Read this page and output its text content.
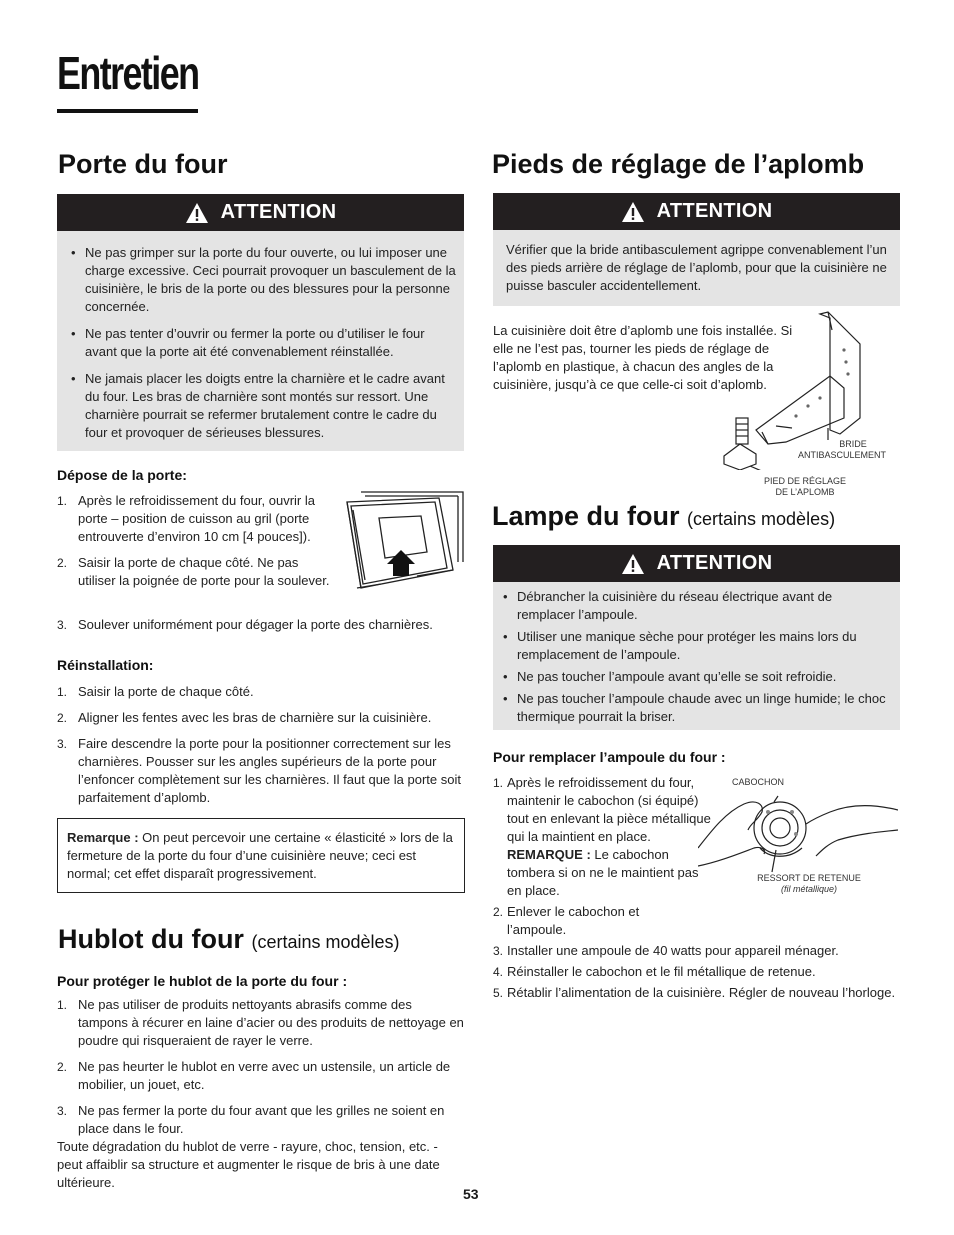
Entretien
Porte du four
ATTENTION
• Ne pas grimper sur la porte du four ouverte, ou lui imposer une charge excessive. Ceci pourrait provoquer un basculement de la cuisinière, le bris de la porte ou des blessures pour la personne concernée.
• Ne pas tenter d’ouvrir ou fermer la porte ou d’utiliser le four avant que la porte ait été convenablement réinstallée.
• Ne jamais placer les doigts entre la charnière et le cadre avant du four. Les bras de charnière sont montés sur ressort. Une charnière pourrait se refermer brutalement contre le cadre du four et provoquer de sérieuses blessures.

Dépose de la porte:

1. Après le refroidissement du four, ouvrir la porte – position de cuisson au gril (porte entrouverte d’environ 10 cm [4 pouces]).
2. Saisir la porte de chaque côté. Ne pas utiliser la poignée de porte pour la soulever.
3. Soulever uniformément pour dégager la porte des charnières.

Réinstallation:

1. Saisir la porte de chaque côté.
2. Aligner les fentes avec les bras de charnière sur la cuisinière.
3. Faire descendre la porte pour la positionner correctement sur les charnières. Pousser sur les angles supérieurs de la porte pour l’enfoncer complètement sur les charnières. Il faut que la porte soit parfaitement d’aplomb.
Remarque : On peut percevoir une certaine « élasticité » lors de la fermeture de la porte du four d’une cuisinière neuve; ceci est normal; cet effet disparaît progressivement.
Hublot du four (certains modèles)

Pour protéger le hublot de la porte du four :

1. Ne pas utiliser de produits nettoyants abrasifs comme des tampons à récurer en laine d’acier ou des produits de nettoyage en poudre qui risqueraient de rayer le verre.
2. Ne pas heurter le hublot en verre avec un ustensile, un article de mobilier, un jouet, etc.
3. Ne pas fermer la porte du four avant que les grilles ne soient en place dans le four.
Toute dégradation du hublot de verre - rayure, choc, tension, etc. - peut affaiblir sa structure et augmenter le risque de bris à une date ultérieure.
Pieds de réglage de l’aplomb
ATTENTION
Vérifier que la bride antibasculement agrippe convenablement l’un des pieds arrière de réglage de l’aplomb, pour que la cuisinière ne puisse basculer accidentellement.
La cuisinière doit être d’aplomb une fois installée. Si elle ne l’est pas, tourner les pieds de réglage de l’aplomb en plastique, à chacun des angles de la cuisinière, jusqu’à ce que celle-ci soit d’aplomb.
BRIDE
ANTIBASCULEMENT
PIED DE RÉGLAGE
DE L’APLOMB
Lampe du four (certains modèles)
ATTENTION
• Débrancher la cuisinière du réseau électrique avant de remplacer l’ampoule.
• Utiliser une manique sèche pour protéger les mains lors du remplacement de l’ampoule.
• Ne pas toucher l’ampoule avant qu’elle se soit refroidie.
• Ne pas toucher l’ampoule chaude avec un linge humide; le choc thermique pourrait la briser.

Pour remplacer l’ampoule du four :

1. Après le refroidissement du four, maintenir le cabochon (si équipé) tout en enlevant la pièce métallique qui la maintient en place. REMARQUE : Le cabochon tombera si on ne le maintient pas en place.
2. Enlever le cabochon et l’ampoule.
3. Installer une ampoule de 40 watts pour appareil ménager.
4. Réinstaller le cabochon et le fil métallique de retenue.
5. Rétablir l’alimentation de la cuisinière. Régler de nouveau l’horloge.
CABOCHON
RESSORT DE RETENUE
(fil métallique)
53
